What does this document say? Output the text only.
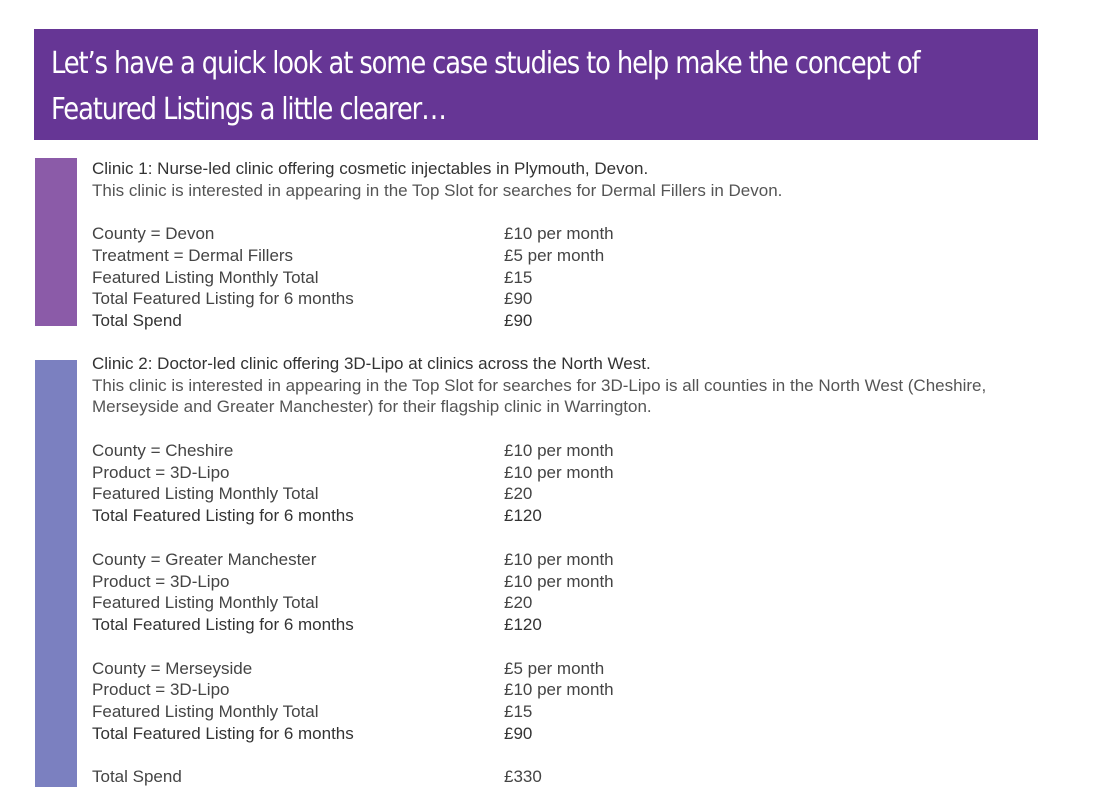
Let’s have a quick look at some case studies to help make the concept of Featured Listings a little clearer…
Clinic 1: Nurse-led clinic offering cosmetic injectables in Plymouth, Devon.
This clinic is interested in appearing in the Top Slot for searches for Dermal Fillers in Devon.
County = Devon	£10 per month
Treatment = Dermal Fillers	£5 per month
Featured Listing Monthly Total	£15
Total Featured Listing for 6 months	£90
Total Spend	£90
Clinic 2: Doctor-led clinic offering 3D-Lipo at clinics across the North West.
This clinic is interested in appearing in the Top Slot for searches for 3D-Lipo is all counties in the North West (Cheshire, Merseyside and Greater Manchester) for their flagship clinic in Warrington.
County = Cheshire	£10 per month
Product = 3D-Lipo	£10 per month
Featured Listing Monthly Total	£20
Total Featured Listing for 6 months	£120
County = Greater Manchester	£10 per month
Product = 3D-Lipo	£10 per month
Featured Listing Monthly Total	£20
Total Featured Listing for 6 months	£120
County = Merseyside	£5 per month
Product = 3D-Lipo	£10 per month
Featured Listing Monthly Total	£15
Total Featured Listing for 6 months	£90
Total Spend	£330
